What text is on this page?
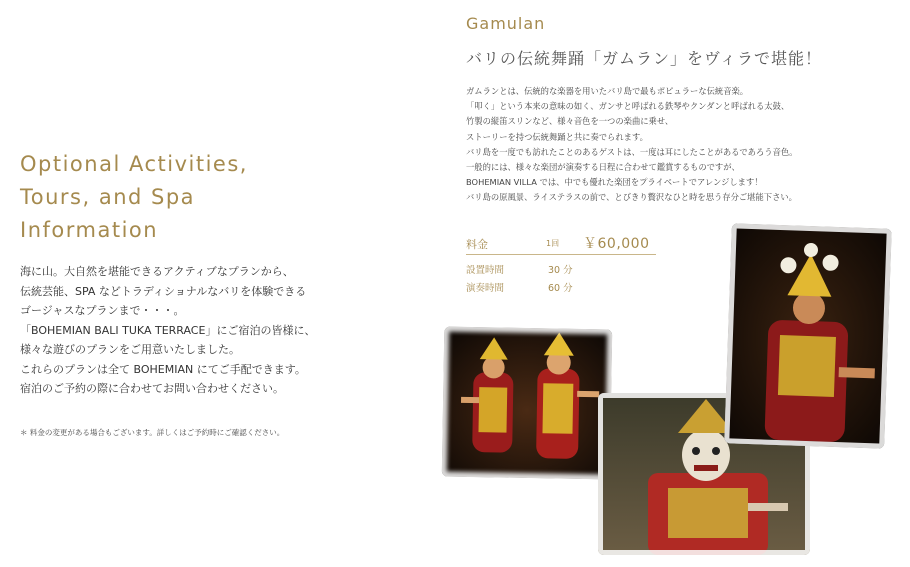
Optional Activities,
Tours, and Spa
Information
海に山。大自然を堪能できるアクティブなプランから、
伝統芸能、SPA などトラディショナルなバリを体験できる
ゴージャスなプランまで・・・。
「BOHEMIAN BALI TUKA TERRACE」にご宿泊の皆様に、
様々な遊びのプランをご用意いたしました。
これらのプランは全て BOHEMIAN にてご手配できます。
宿泊のご予約の際に合わせてお問い合わせください。
＊ 料金の変更がある場合もございます。詳しくはご予約時にご確認ください。
Gamulan
バリの伝統舞踊「ガムラン」をヴィラで堪能！
ガムランとは、伝統的な楽器を用いたバリ島で最もポピュラーな伝統音楽。
「叩く」という本来の意味の如く、ガンサと呼ばれる鉄琴やクンダンと呼ばれる太鼓、
竹製の縦笛スリンなど、様々音色を一つの楽曲に乗せ、
ストーリーを持つ伝統舞踊と共に奏でられます。
バリ島を一度でも訪れたことのあるゲストは、一度は耳にしたことがあるであろう音色。
一般的には、様々な楽団が演奏する日程に合わせて鑑賞するものですが、
BOHEMIAN VILLA では、中でも優れた楽団をプライベートでアレンジします！
バリ島の原風景、ライステラスの前で、とびきり贅沢なひと時を思う存分ご堪能下さい。
料金	1回 ￥60,000
設置時間	30 分
演奏時間	60 分
